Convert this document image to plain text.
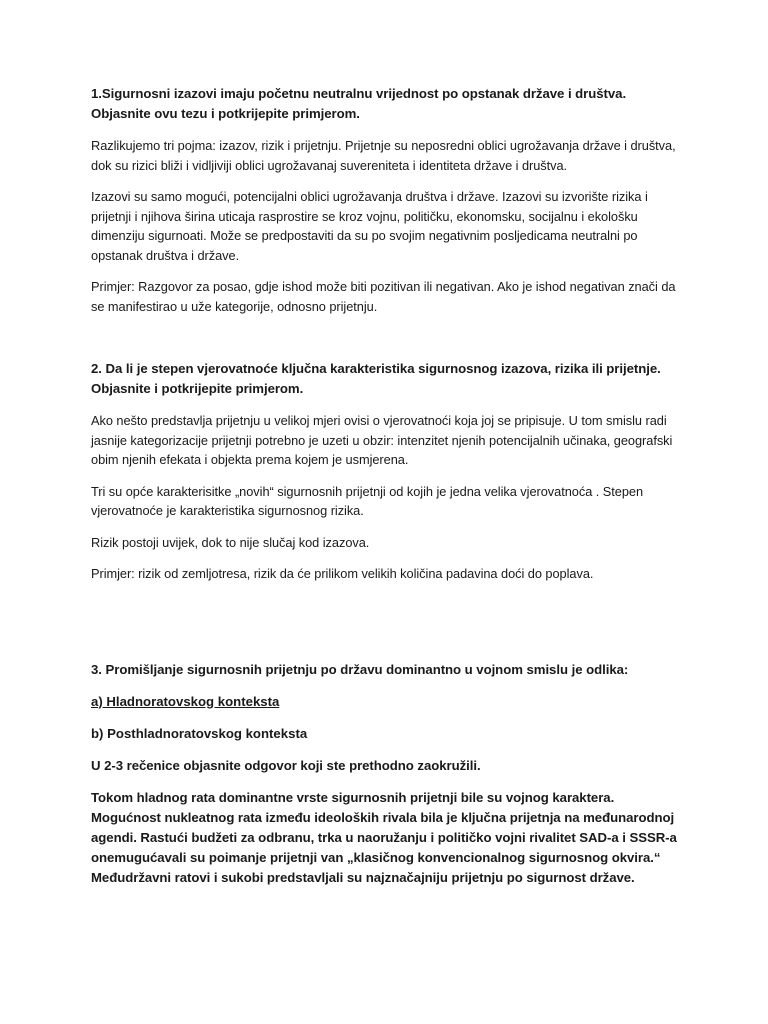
1.Sigurnosni izazovi imaju početnu neutralnu vrijednost po opstanak države i društva. Objasnite ovu tezu i potkrijepite primjerom.

Razlikujemo tri pojma: izazov, rizik i prijetnju. Prijetnje su neposredni oblici ugrožavanja države i društva, dok su rizici bliži i vidljiviji oblici ugrožavanaj suvereniteta i identiteta države i društva.

Izazovi su samo mogući, potencijalni oblici ugrožavanja društva i države. Izazovi su izvorište rizika i prijetnji i njihova širina uticaja rasprostire se kroz vojnu, političku, ekonomsku, socijalnu i ekološku dimenziju sigurnoati. Može se predpostaviti da su po svojim negativnim posljedicama neutralni po opstanak društva i države.

Primjer: Razgovor za posao, gdje ishod može biti pozitivan ili negativan. Ako je ishod negativan znači da se manifestirao u uže kategorije, odnosno prijetnju.

2. Da li je stepen vjerovatnoće ključna karakteristika sigurnosnog izazova, rizika ili prijetnje. Objasnite i potkrijepite primjerom.

Ako nešto predstavlja prijetnju u velikoj mjeri ovisi o vjerovatnoći koja joj se pripisuje. U tom smislu radi jasnije kategorizacije prijetnji potrebno je uzeti u obzir: intenzitet njenih potencijalnih učinaka, geografski obim njenih efekata i objekta prema kojem je usmjerena.

Tri su opće karakterisitke „novih“ sigurnosnih prijetnji od kojih je jedna velika vjerovatnoća . Stepen vjerovatnoće je karakteristika sigurnosnog rizika.

Rizik postoji uvijek, dok to nije slučaj kod izazova.

Primjer: rizik od zemljotresa, rizik da će prilikom velikih količina padavina doći do poplava.

3. Promišljanje sigurnosnih prijetnju po državu dominantno u vojnom smislu je odlika:

a) Hladnoratovskog konteksta

b) Posthladnoratovskog konteksta

U 2-3 rečenice objasnite odgovor koji ste prethodno zaokružili.

Tokom hladnog rata dominantne vrste sigurnosnih prijetnji bile su vojnog karaktera. Mogućnost nukleatnog rata između ideoloških rivala bila je ključna prijetnja na međunarodnoj agendi. Rastući budžeti za odbranu, trka u naoružanju i političko vojni rivalitet SAD-a i SSSR-a onemugućavali su poimanje prijetnji van „klasičnog konvencionalnog sigurnosnog okvira.“ Međudržavni ratovi i sukobi predstavljali su najznačajniju prijetnju po sigurnost države.
